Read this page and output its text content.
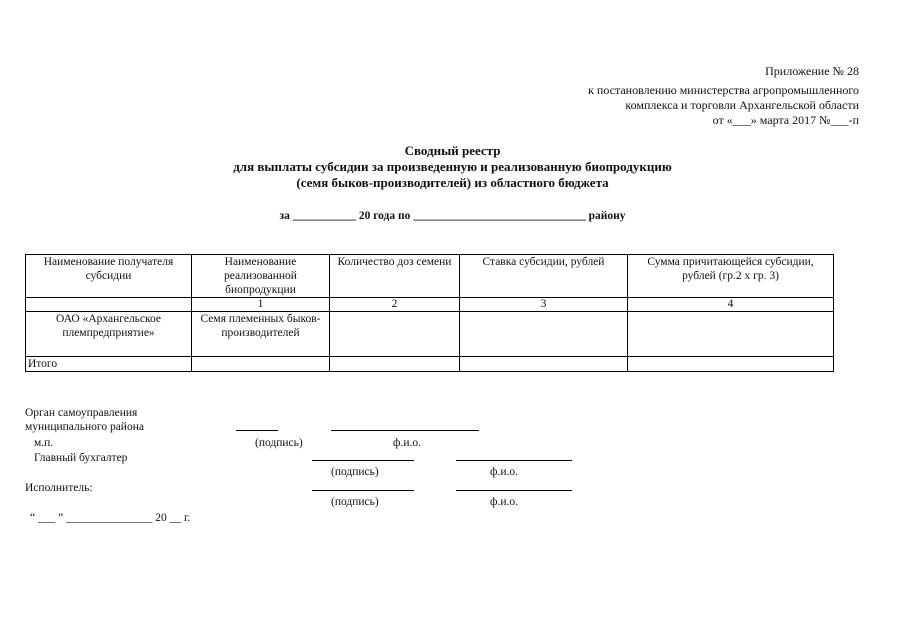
Приложение № 28
к постановлению министерства агропромышленного
комплекса и торговли Архангельской области
от «___» марта 2017 №___-п
Сводный реестр
для выплаты субсидии за произведенную и реализованную биопродукцию
(семя быков-производителей) из областного бюджета
за ___________ 20 года по ______________________________ району
Наименование получателя субсидии	Наименование реализованной биопродукции	Количество доз семени	Ставка субсидии, рублей	Сумма причитающейся субсидии, рублей (гр.2 х гр. 3)
	1	2	3	4
ОАО «Архангельское племпредприятие»	Семя племенных быков-производителей			
Итого				
Орган самоуправления
муниципального района
м.п.	(подпись)	ф.и.о.
Главный бухгалтер
(подпись)	ф.и.о.
Исполнитель:
(подпись)	ф.и.о.
“ ___ ” _______________ 20 __ г.
